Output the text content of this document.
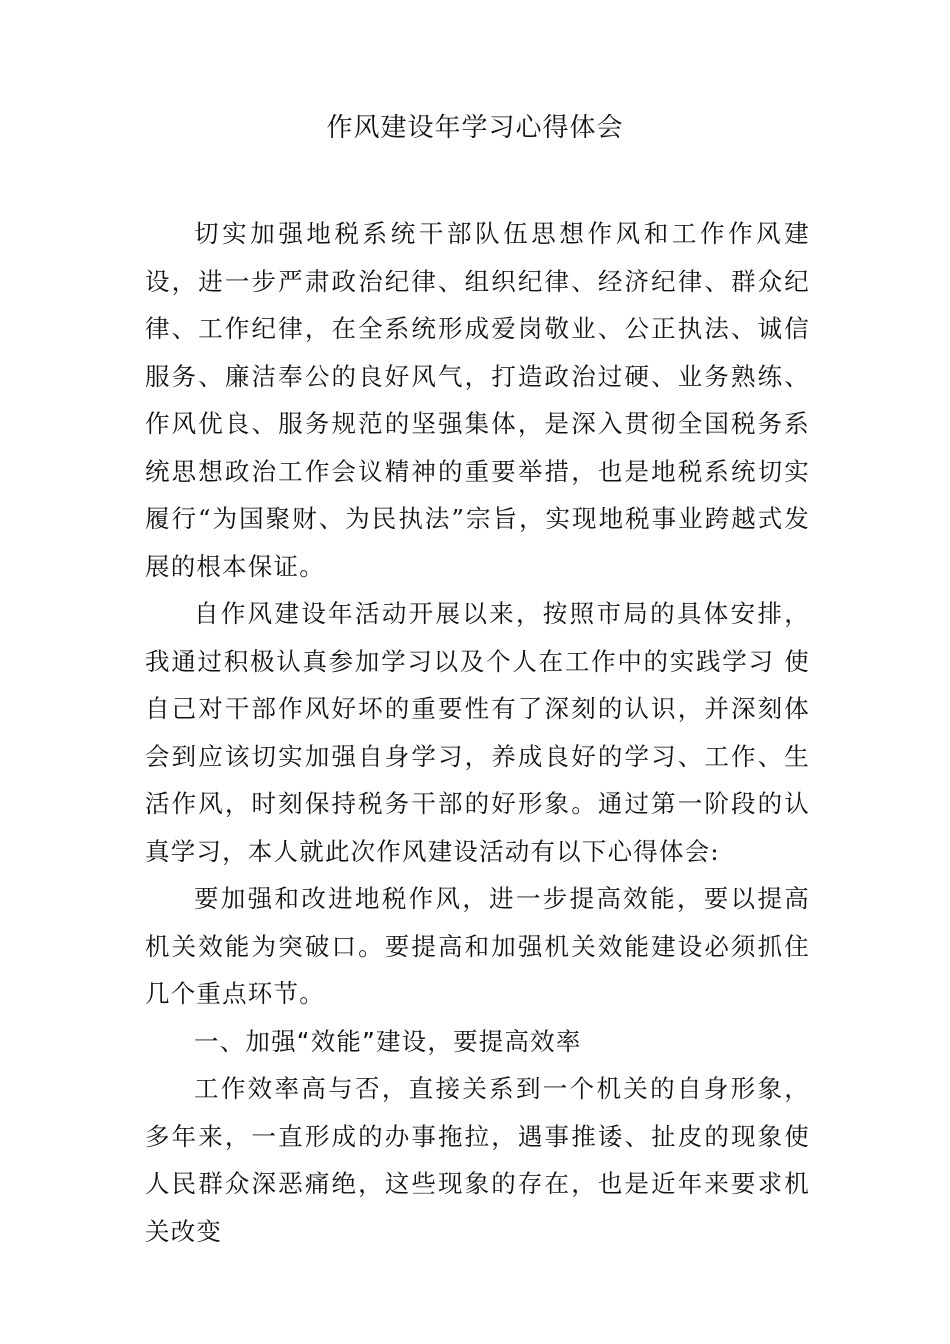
作风建设年学习心得体会

切实加强地税系统干部队伍思想作风和工作作风建设，进一步严肃政治纪律、组织纪律、经济纪律、群众纪律、工作纪律，在全系统形成爱岗敬业、公正执法、诚信服务、廉洁奉公的良好风气，打造政治过硬、业务熟练、作风优良、服务规范的坚强集体，是深入贯彻全国税务系统思想政治工作会议精神的重要举措，也是地税系统切实履行“为国聚财、为民执法”宗旨，实现地税事业跨越式发展的根本保证。

自作风建设年活动开展以来，按照市局的具体安排，我通过积极认真参加学习以及个人在工作中的实践学习 使自己对干部作风好坏的重要性有了深刻的认识，并深刻体会到应该切实加强自身学习，养成良好的学习、工作、生活作风，时刻保持税务干部的好形象。通过第一阶段的认真学习，本人就此次作风建设活动有以下心得体会:

要加强和改进地税作风，进一步提高效能，要以提高机关效能为突破口。要提高和加强机关效能建设必须抓住几个重点环节。

一、加强“效能”建设，要提高效率

工作效率高与否，直接关系到一个机关的自身形象，多年来，一直形成的办事拖拉，遇事推诿、扯皮的现象使人民群众深恶痛绝，这些现象的存在，也是近年来要求机关改变
